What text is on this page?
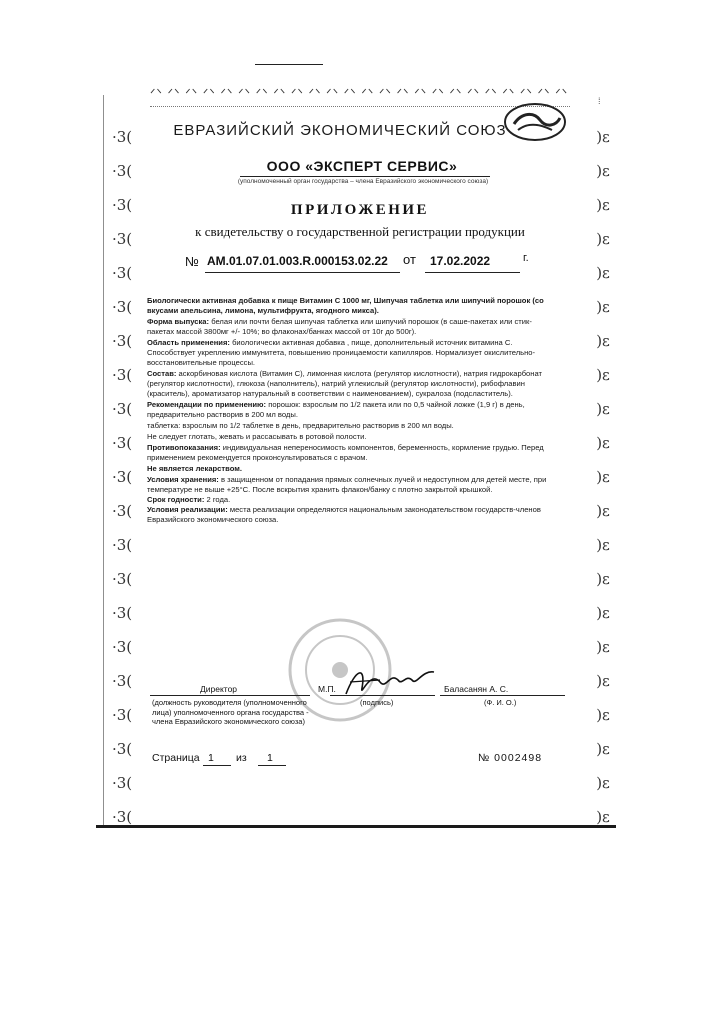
⁞
ᐟᐠ ᐟᐠ ᐟᐠ ᐟᐠ ᐟᐠ ᐟᐠ ᐟᐠ ᐟᐠ ᐟᐠ ᐟᐠ ᐟᐠ ᐟᐠ ᐟᐠ ᐟᐠ ᐟᐠ ᐟᐠ ᐟᐠ ᐟᐠ ᐟᐠ ᐟᐠ ᐟᐠ ᐟᐠ ᐟᐠ ᐟᐠ
·3(
·3(
·3(
·3(
·3(
·3(
·3(
·3(
·3(
·3(
·3(
·3(
·3(
·3(
·3(
·3(
·3(
·3(
·3(
·3(
·3(
)ε
)ε
)ε
)ε
)ε
)ε
)ε
)ε
)ε
)ε
)ε
)ε
)ε
)ε
)ε
)ε
)ε
)ε
)ε
)ε
)ε
ЕВРАЗИЙСКИЙ ЭКОНОМИЧЕСКИЙ СОЮЗ
ООО «ЭКСПЕРТ СЕРВИС»
(уполномоченный орган государства – члена Евразийского экономического союза)
ПРИЛОЖЕНИЕ
к свидетельству о государственной регистрации продукции
№ AM.01.07.01.003.R.000153.02.22 от 17.02.2022	г.

Биологически активная добавка к пище Витамин С 1000 мг, Шипучая таблетка или шипучий порошок (со вкусами апельсина, лимона, мультифрукта, ягодного микса).

Форма выпуска: белая или почти белая шипучая таблетка или шипучий порошок (в саше-пакетах или стик-пакетах массой 3800мг +/- 10%; во флаконах/банках массой от 10г до 500г).

Область применения: биологически активная добавка , пище, дополнительный источник витамина С. Способствует укреплению иммунитета, повышению проницаемости капилляров. Нормализует окислительно-восстановительные процессы.

Состав: аскорбиновая кислота (Витамин С), лимонная кислота (регулятор кислотности), натрия гидрокарбонат (регулятор кислотности), глюкоза (наполнитель), натрий углекислый (регулятор кислотности), рибофлавин (краситель), ароматизатор натуральный в соответствии с наименованием), сукралоза (подсластитель).

Рекомендации по применению: порошок: взрослым по 1/2 пакета или по 0,5 чайной ложке (1,9 г) в день, предварительно растворив в 200 мл воды.

таблетка: взрослым по 1/2 таблетке в день, предварительно растворив в 200 мл воды.

Не следует глотать, жевать и рассасывать в ротовой полости.

Противопоказания: индивидуальная непереносимость компонентов, беременность, кормление грудью. Перед применением рекомендуется проконсультироваться с врачом.

Не является лекарством.

Условия хранения: в защищенном от попадания прямых солнечных лучей и недоступном для детей месте, при температуре не выше +25°С. После вскрытия хранить флакон/банку с плотно закрытой крышкой.

Срок годности: 2 года.

Условия реализации: места реализации определяются национальным законодательством государств-членов Евразийского экономического союза.

Директор	М.П.	Баласанян А. С.
(должность руководителя (уполномоченного лица) уполномоченного органа государства - члена Евразийского экономического союза)
(подпись)	(Ф. И. О.)
Страница 1 из 1	№ 0002498
